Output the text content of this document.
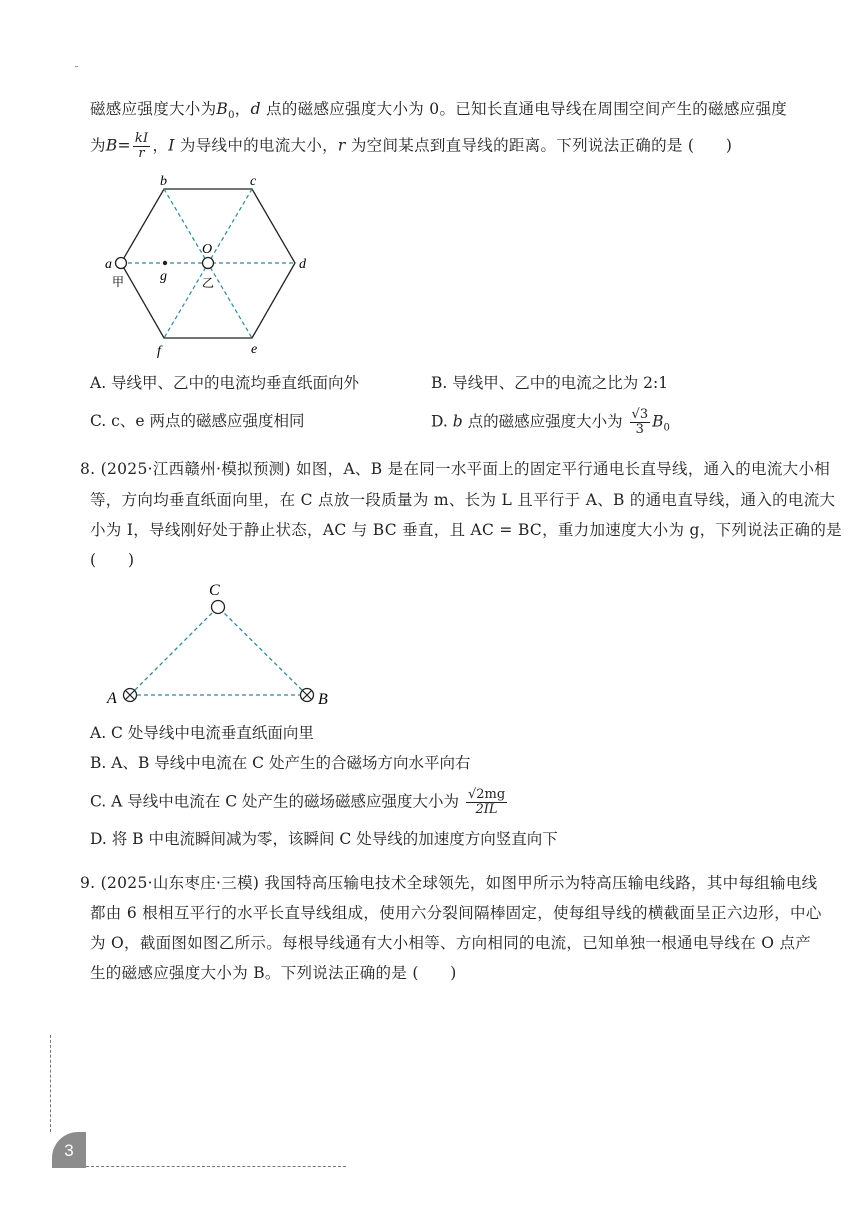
磁感应强度大小为$B_0$，d 点的磁感应强度大小为 0。已知长直通电导线在周围空间产生的磁感应强度
为$B= \frac{kI}{r}$ ，I 为导线中的电流大小，r 为空间某点到直导线的距离。下列说法正确的是 (　　)
a
b	c
d
e
f
O
g
甲	乙
A. 导线甲、乙中的电流均垂直纸面向外	B. 导线甲、乙中的电流之比为 2:1
C. c、e 两点的磁感应强度相同	D. b 点的磁感应强度大小为 $\frac{√3}{3} B_0$
8. (2025·江西赣州·模拟预测) 如图，A、B 是在同一水平面上的固定平行通电长直导线，通入的电流大小相
等，方向均垂直纸面向里，在 C 点放一段质量为 m、长为 L 且平行于 A、B 的通电直导线，通入的电流大
小为 I，导线刚好处于静止状态，AC 与 BC 垂直，且 AC = BC，重力加速度大小为 g，下列说法正确的是
(　　)
A	B
C
A. C 处导线中电流垂直纸面向里
B. A、B 导线中电流在 C 处产生的合磁场方向水平向右
C. A 导线中电流在 C 处产生的磁场磁感应强度大小为 $\frac{√2mg}{2IL}$
D. 将 B 中电流瞬间减为零，该瞬间 C 处导线的加速度方向竖直向下
9. (2025·山东枣庄·三模) 我国特高压输电技术全球领先，如图甲所示为特高压输电线路，其中每组输电线
都由 6 根相互平行的水平长直导线组成，使用六分裂间隔棒固定，使每组导线的横截面呈正六边形，中心
为 O，截面图如图乙所示。每根导线通有大小相等、方向相同的电流，已知单独一根通电导线在 O 点产
生的磁感应强度大小为 B。下列说法正确的是 (　　)
3
